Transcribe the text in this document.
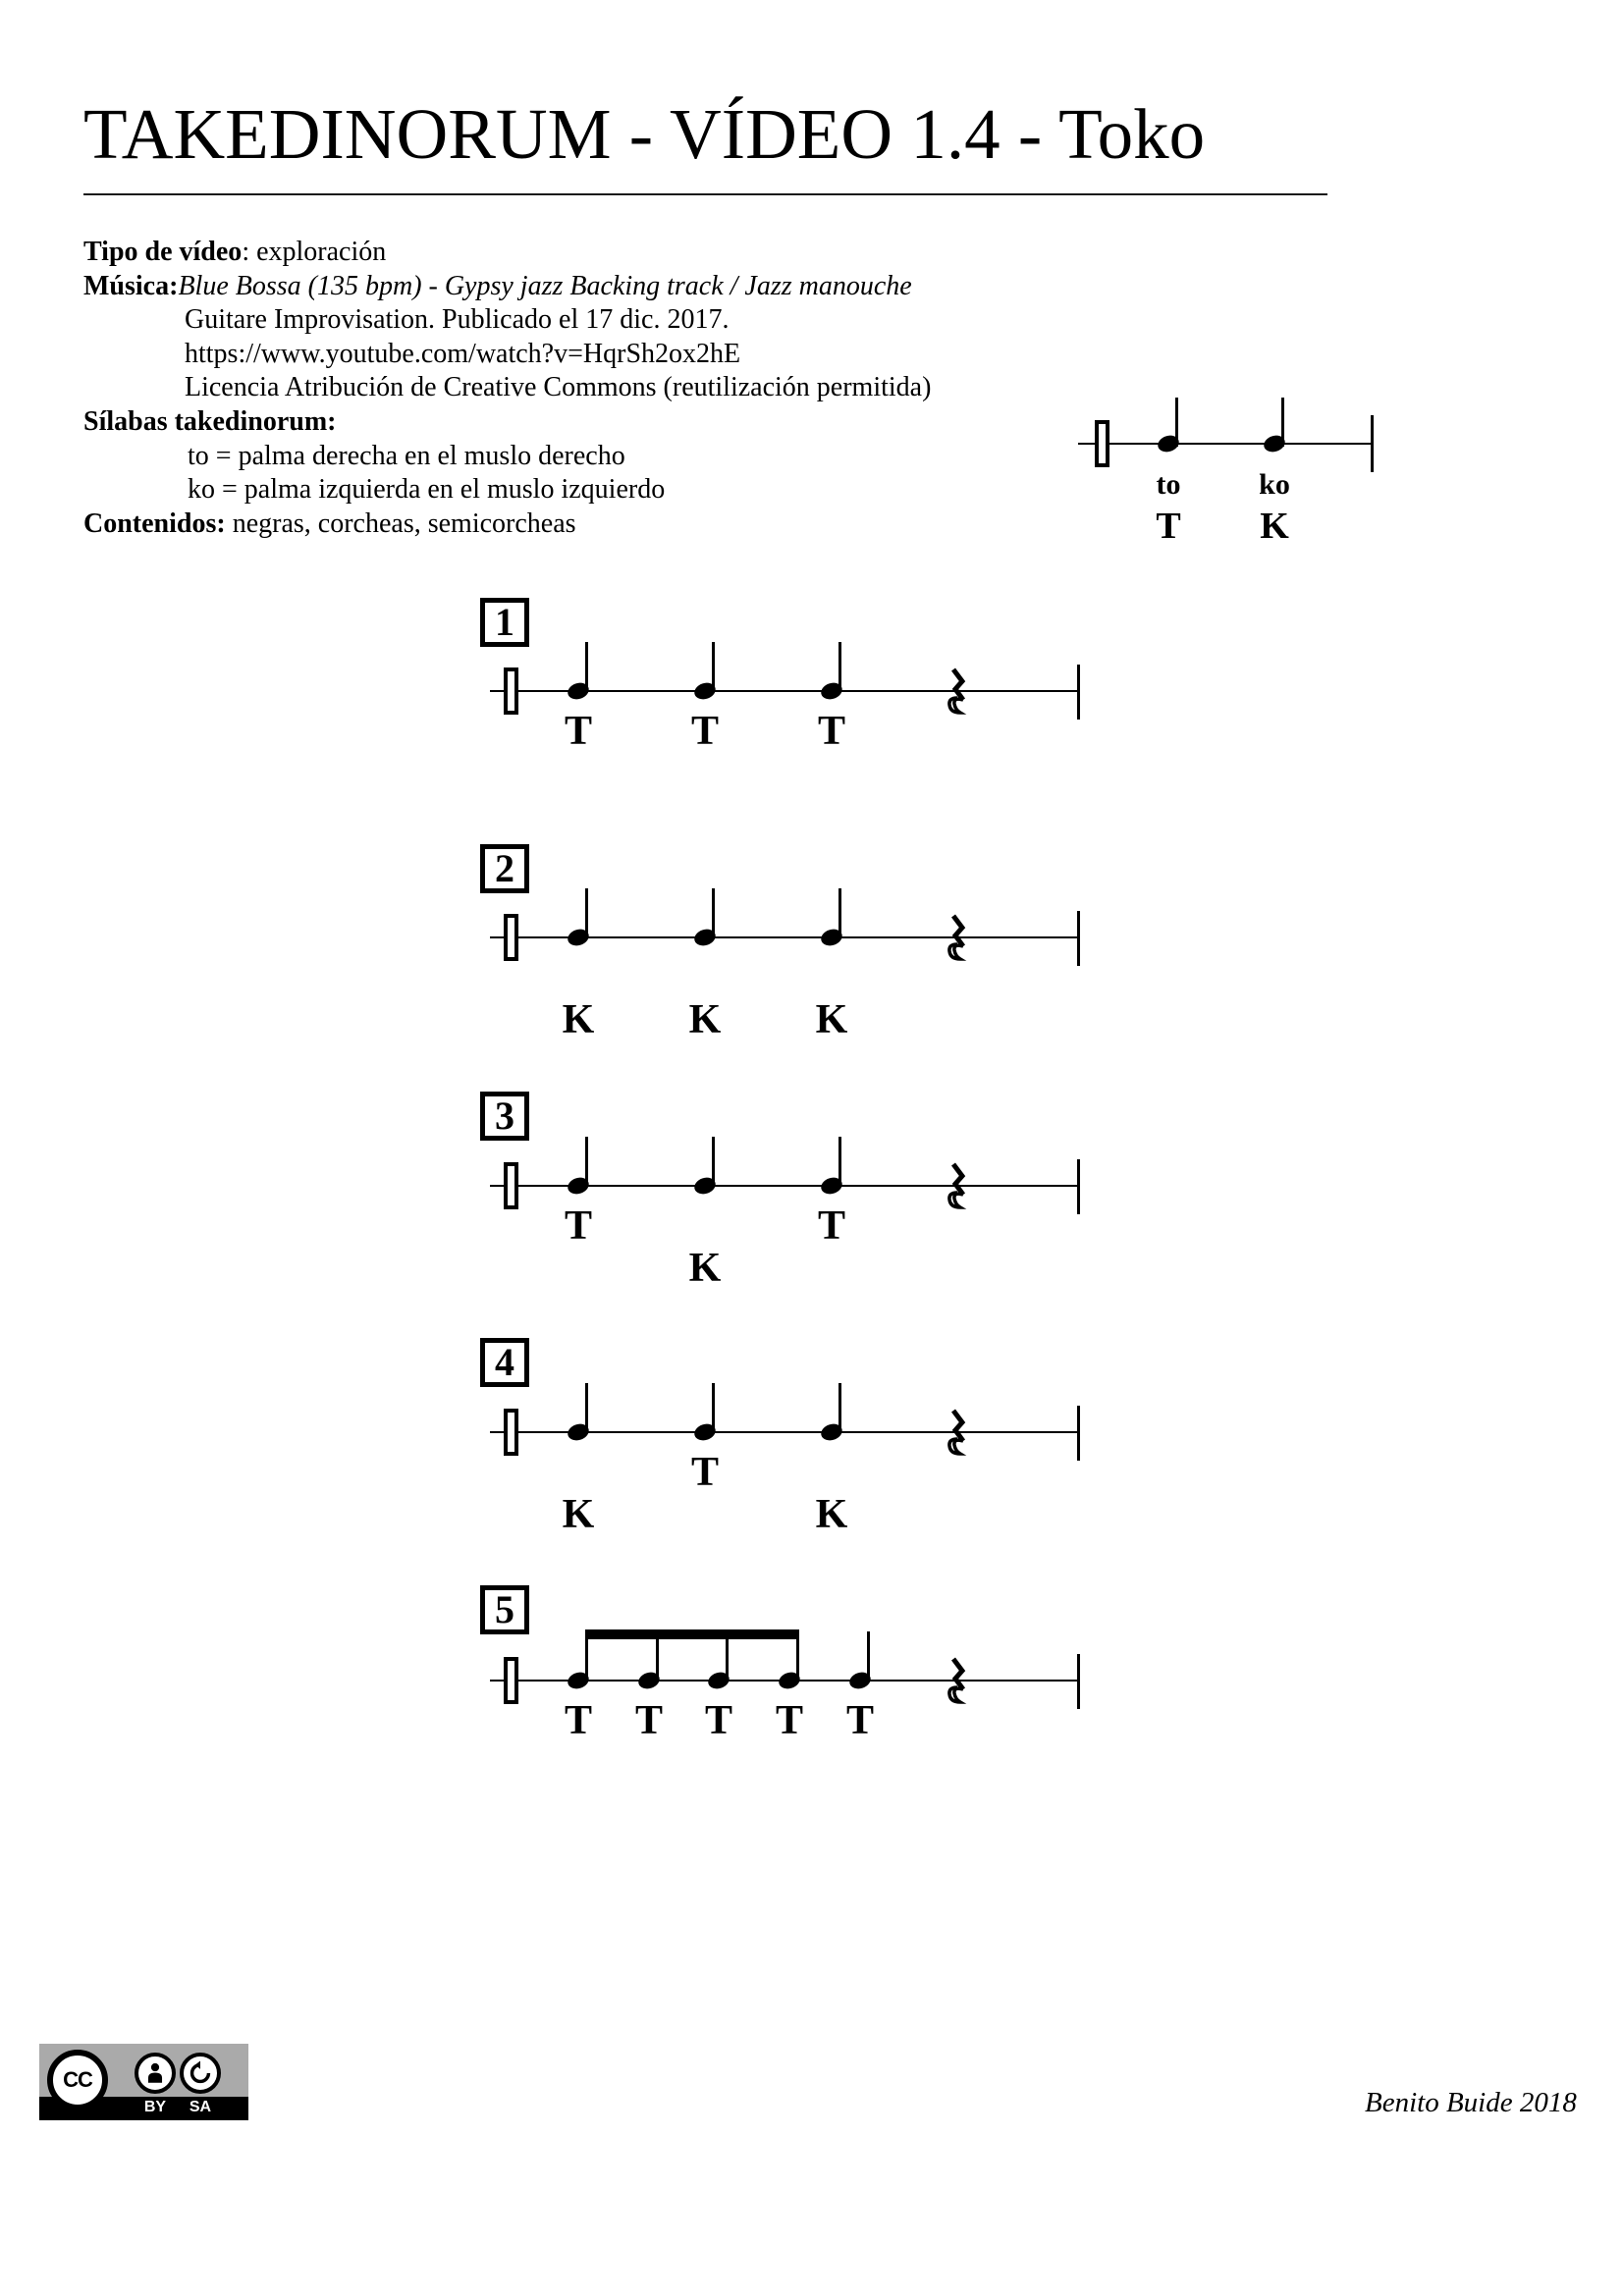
TAKEDINORUM - VÍDEO 1.4 - Toko
Tipo de vídeo: exploración
Música:Blue Bossa (135 bpm) - Gypsy jazz Backing track / Jazz manouche
Guitare Improvisation. Publicado el 17 dic. 2017.
https://www.youtube.com/watch?v=HqrSh2ox2hE
Licencia Atribución de Creative Commons (reutilización permitida)
Sílabas takedinorum:
to = palma derecha en el muslo derecho
ko = palma izquierda en el muslo izquierdo
Contenidos: negras, corcheas, semicorcheas
to	ko
T	K
1
T	T	T
2
K	K	K
3
T
K
T
4
K
T
K
5
T	T	T	T	T
CC
BY	SA	Benito Buide 2018
